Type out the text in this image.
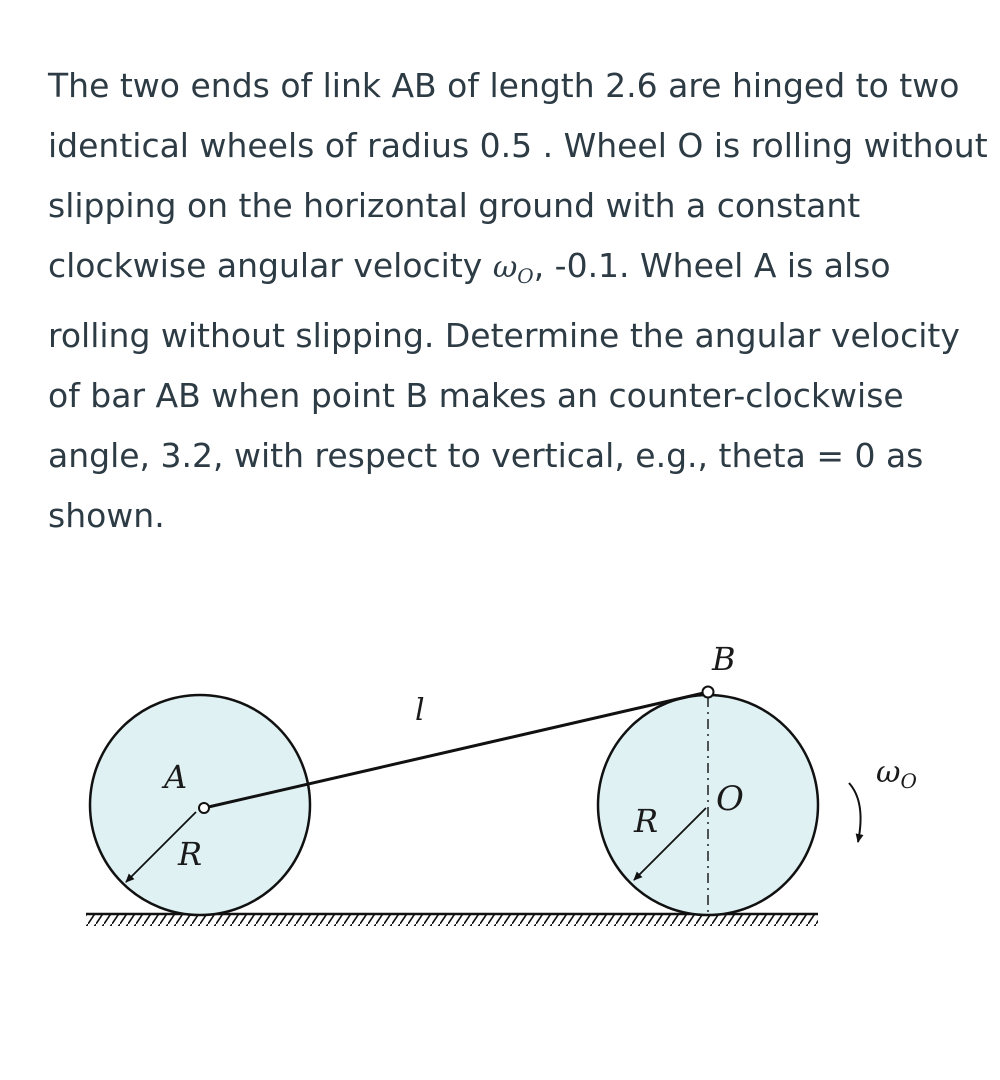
The two ends of link AB of length 2.6 are hinged to two identical wheels of radius 0.5 . Wheel O is rolling without slipping on the horizontal ground with a constant clockwise angular velocity $\omega_O$, -0.1. Wheel A is also rolling without slipping. Determine the angular velocity of bar AB when point B makes an counter-clockwise angle, 3.2, with respect to vertical, e.g., theta = 0 as shown.

B
l
A
R
R
O
$\omega_O$
